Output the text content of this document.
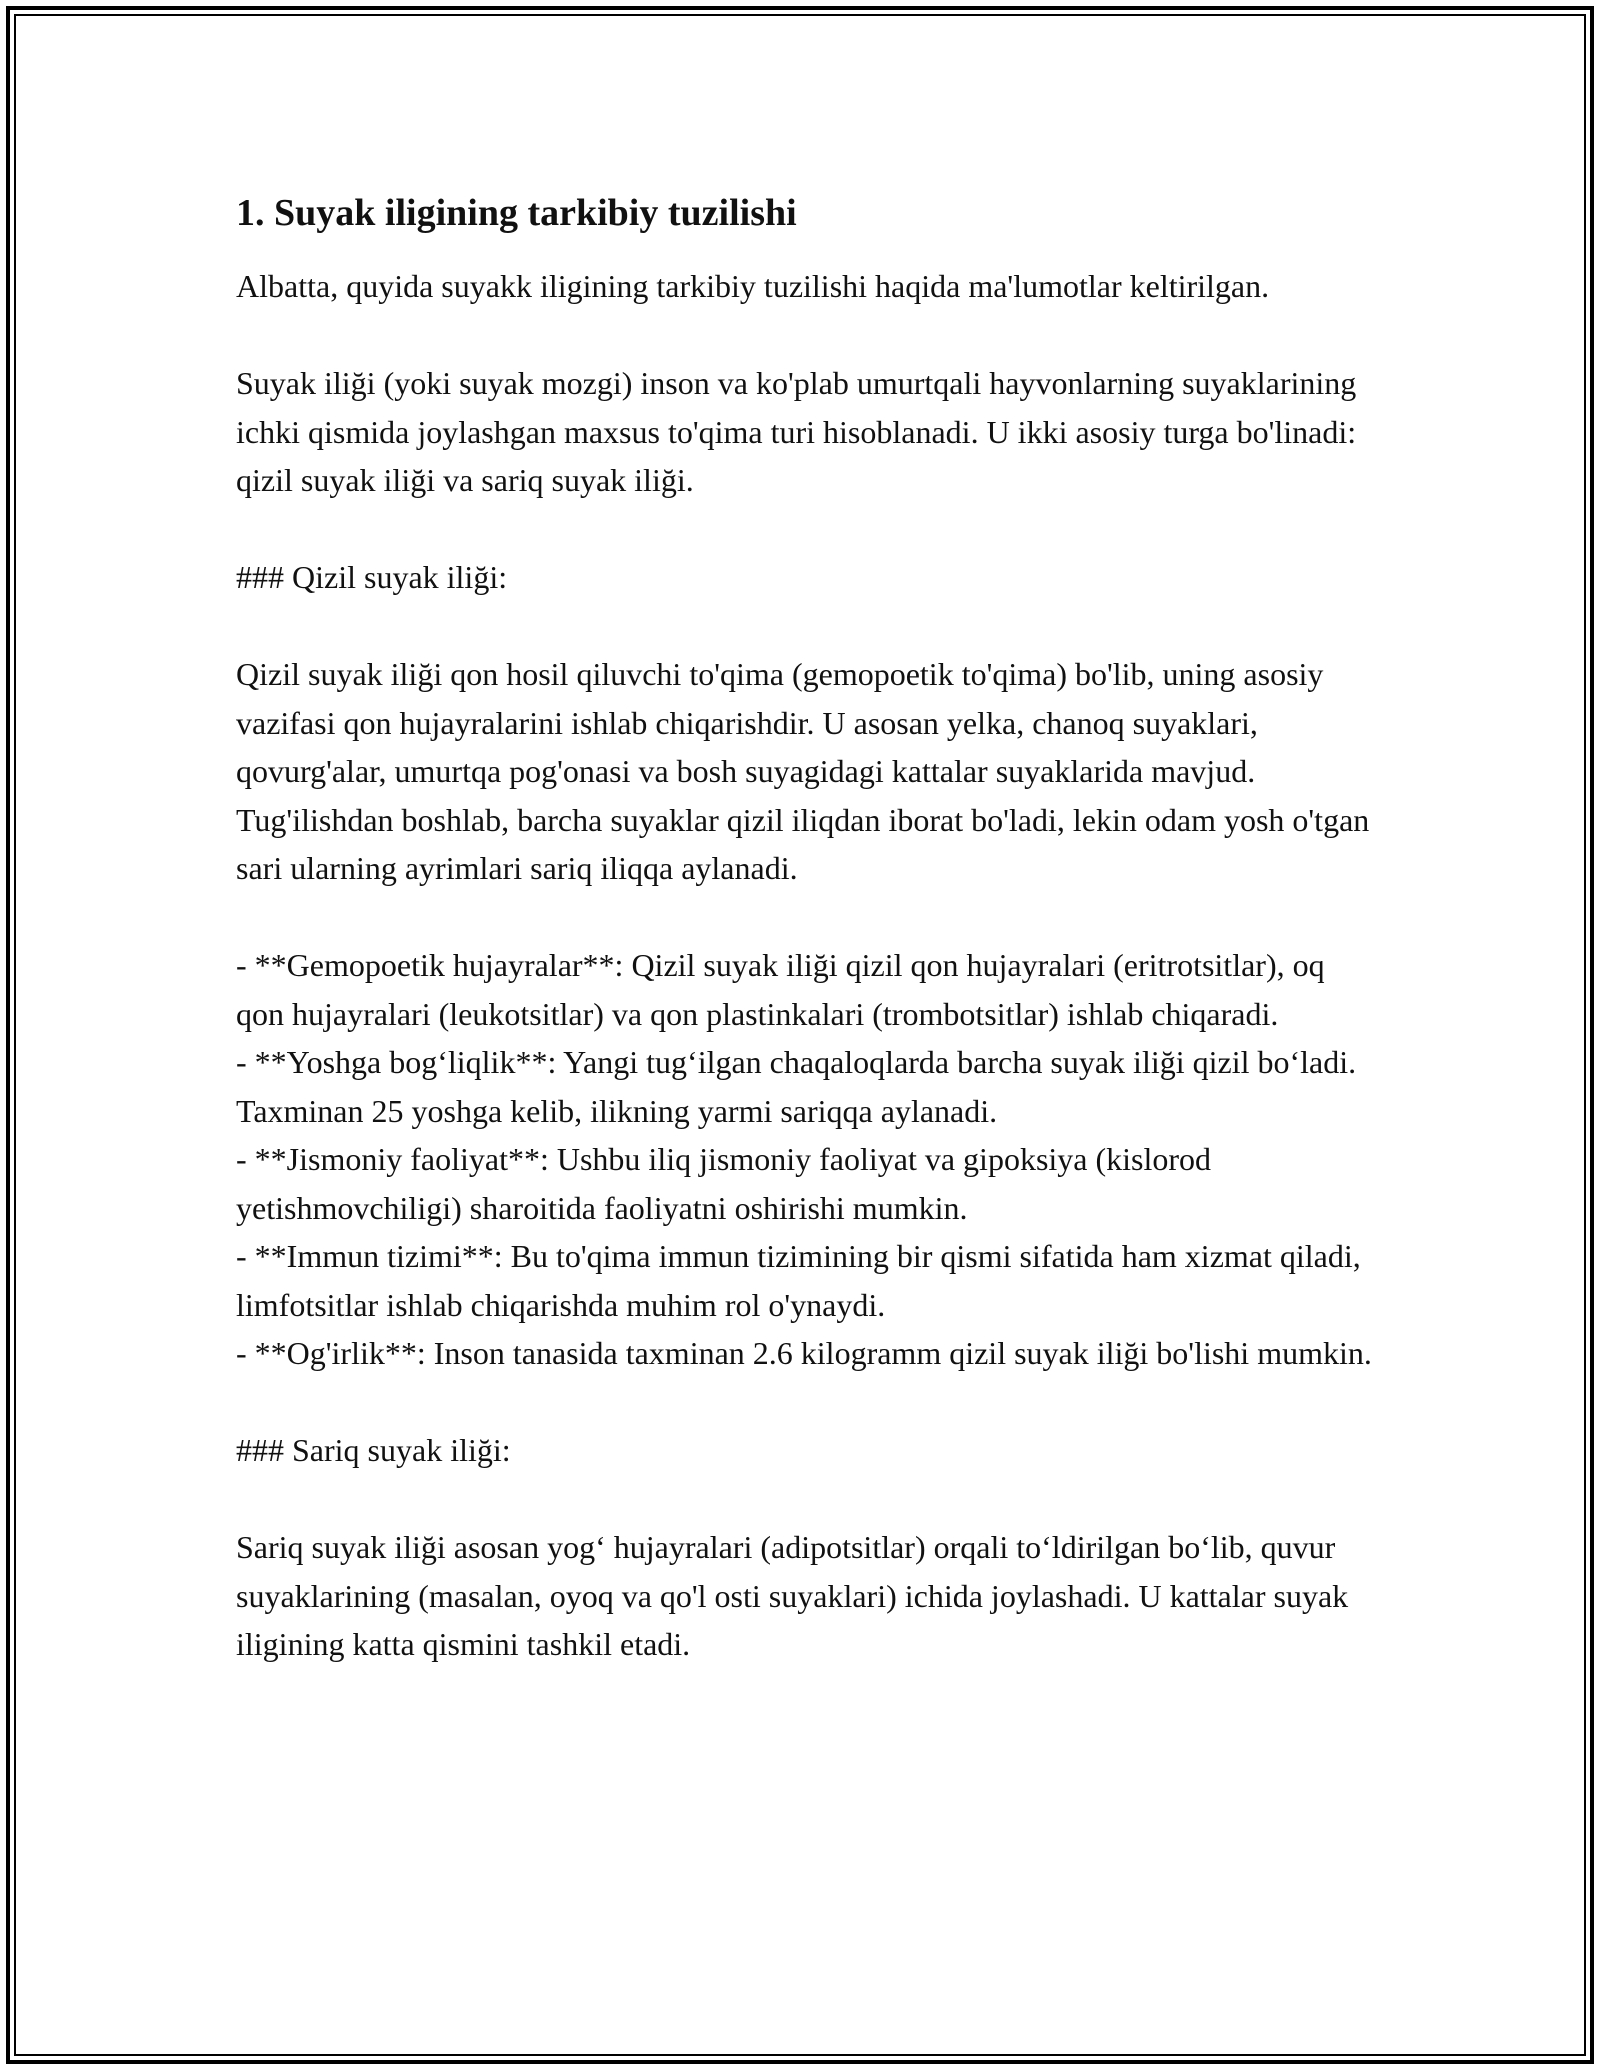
1. Suyak iligining tarkibiy tuzilishi

Albatta, quyida suyakk iligining tarkibiy tuzilishi haqida ma'lumotlar keltirilgan.

Suyak iliği (yoki suyak mozgi) inson va ko'plab umurtqali hayvonlarning suyaklarining ichki qismida joylashgan maxsus to'qima turi hisoblanadi. U ikki asosiy turga bo'linadi: qizil suyak iliği va sariq suyak iliği.

### Qizil suyak iliği:

Qizil suyak iliği qon hosil qiluvchi to'qima (gemopoetik to'qima) bo'lib, uning asosiy vazifasi qon hujayralarini ishlab chiqarishdir. U asosan yelka, chanoq suyaklari, qovurg'alar, umurtqa pog'onasi va bosh suyagidagi kattalar suyaklarida mavjud. Tug'ilishdan boshlab, barcha suyaklar qizil iliqdan iborat bo'ladi, lekin odam yosh o'tgan sari ularning ayrimlari sariq iliqqa aylanadi.

- **Gemopoetik hujayralar**: Qizil suyak iliği qizil qon hujayralari (eritrotsitlar), oq qon hujayralari (leukotsitlar) va qon plastinkalari (trombotsitlar) ishlab chiqaradi.
- **Yoshga bog‘liqlik**: Yangi tug‘ilgan chaqaloqlarda barcha suyak iliği qizil bo‘ladi. Taxminan 25 yoshga kelib, ilikning yarmi sariqqa aylanadi.
- **Jismoniy faoliyat**: Ushbu iliq jismoniy faoliyat va gipoksiya (kislorod yetishmovchiligi) sharoitida faoliyatni oshirishi mumkin.
- **Immun tizimi**: Bu to'qima immun tizimining bir qismi sifatida ham xizmat qiladi, limfotsitlar ishlab chiqarishda muhim rol o'ynaydi.
- **Og'irlik**: Inson tanasida taxminan 2.6 kilogramm qizil suyak iliği bo'lishi mumkin.

### Sariq suyak iliği:

Sariq suyak iliği asosan yog‘ hujayralari (adipotsitlar) orqali to‘ldirilgan bo‘lib, quvur suyaklarining (masalan, oyoq va qo'l osti suyaklari) ichida joylashadi. U kattalar suyak iligining katta qismini tashkil etadi.
